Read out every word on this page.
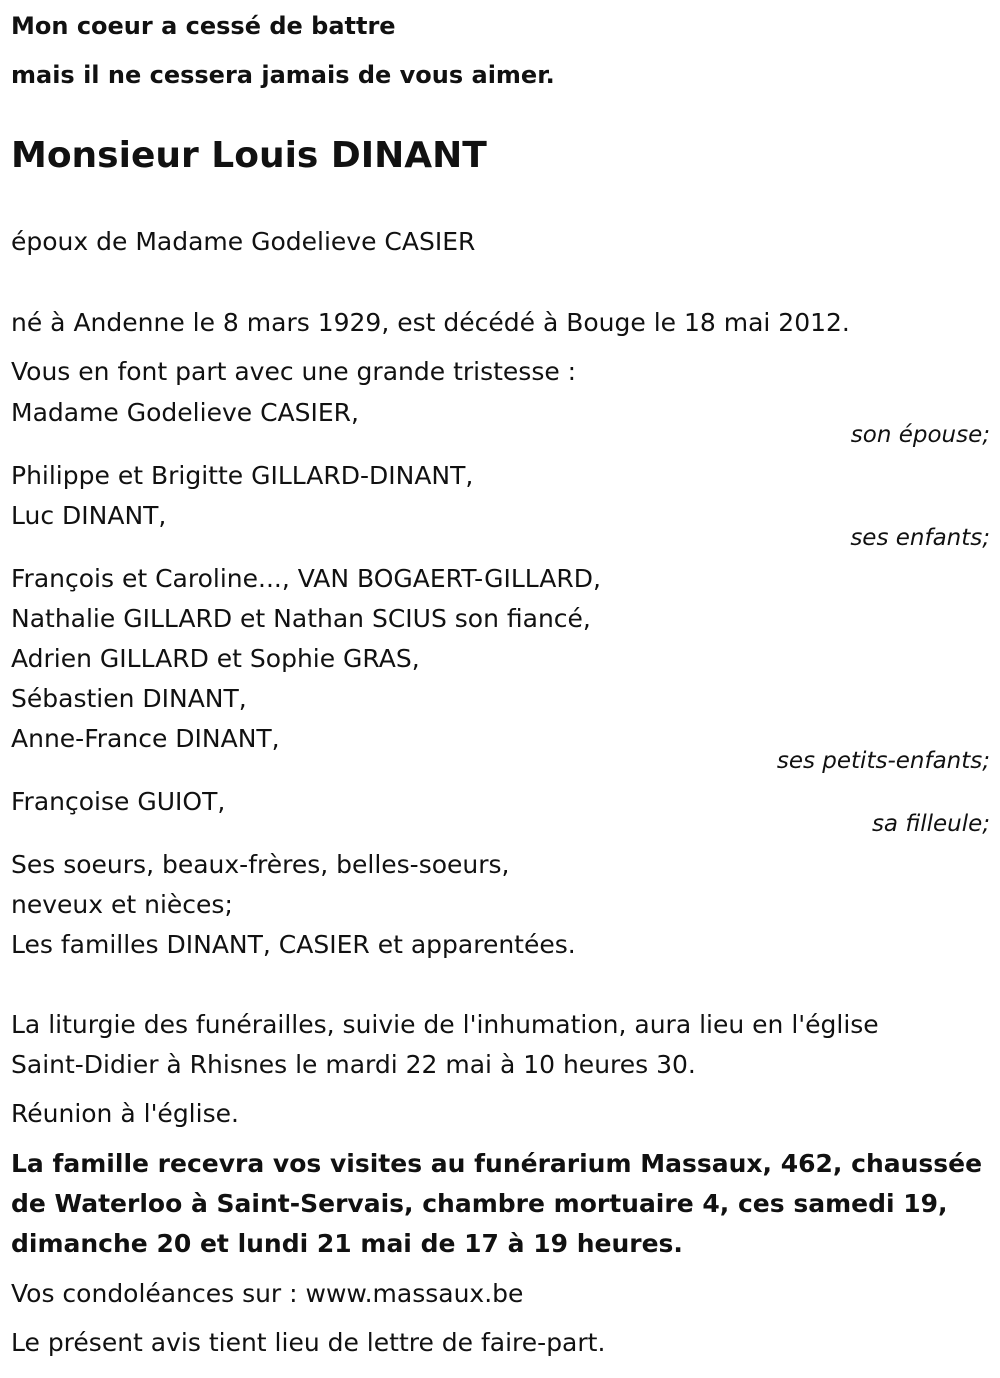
Mon coeur a cessé de battre

mais il ne cessera jamais de vous aimer.

Monsieur Louis DINANT

époux de Madame Godelieve CASIER

né à Andenne le 8 mars 1929, est décédé à Bouge le 18 mai 2012.

Vous en font part avec une grande tristesse :

Madame Godelieve CASIER,

son épouse;

Philippe et Brigitte GILLARD-DINANT,

Luc DINANT,

ses enfants;

François et Caroline..., VAN BOGAERT-GILLARD,

Nathalie GILLARD et Nathan SCIUS son fiancé,

Adrien GILLARD et Sophie GRAS,

Sébastien DINANT,

Anne-France DINANT,

ses petits-enfants;

Françoise GUIOT,

sa filleule;

Ses soeurs, beaux-frères, belles-soeurs,

neveux et nièces;

Les familles DINANT, CASIER et apparentées.

La liturgie des funérailles, suivie de l'inhumation, aura lieu en l'église

Saint-Didier à Rhisnes le mardi 22 mai à 10 heures 30.

Réunion à l'église.

La famille recevra vos visites au funérarium Massaux, 462, chaussée

de Waterloo à Saint-Servais, chambre mortuaire 4, ces samedi 19,

dimanche 20 et lundi 21 mai de 17 à 19 heures.

Vos condoléances sur : www.massaux.be

Le présent avis tient lieu de lettre de faire-part.
